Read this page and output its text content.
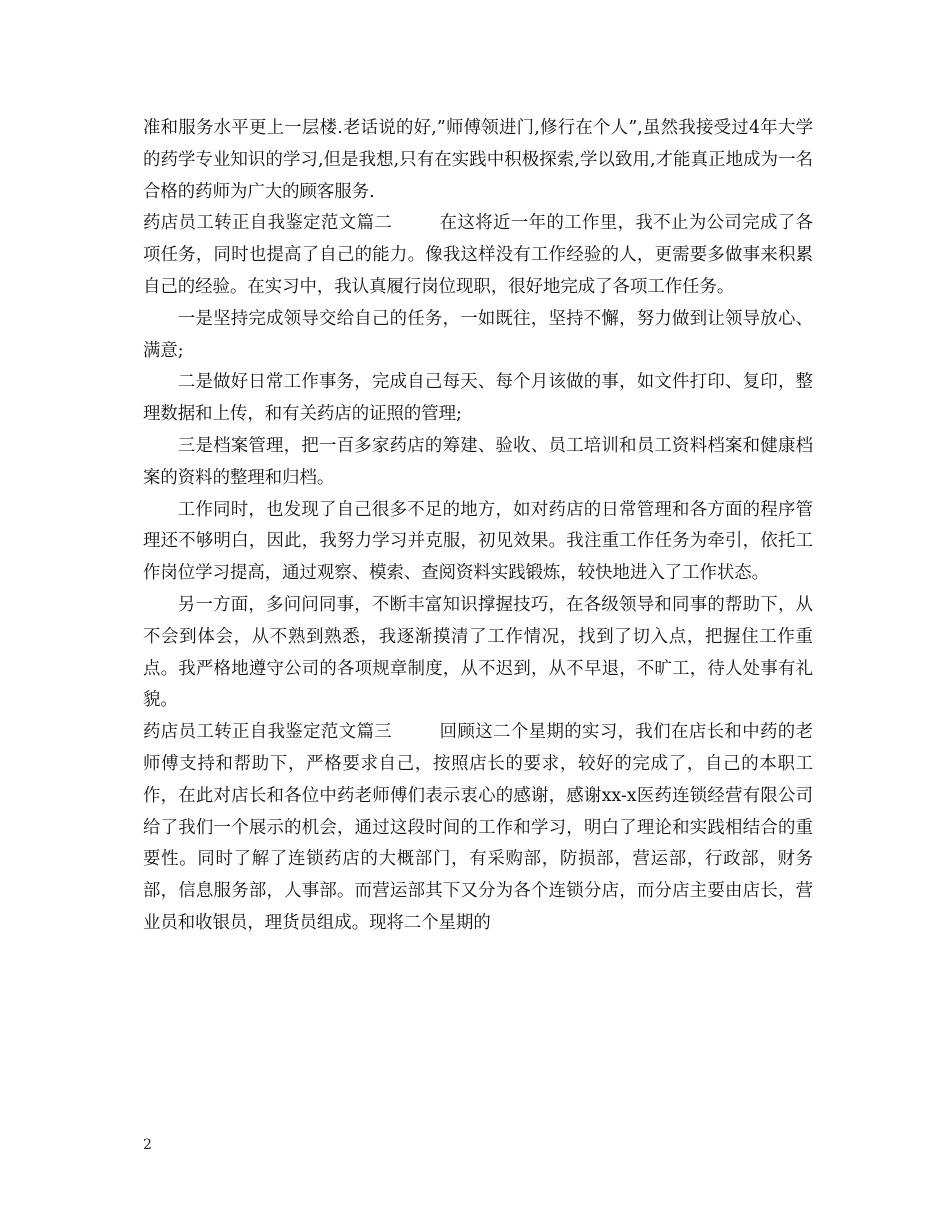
准和服务水平更上一层楼.老话说的好,”师傅领进门,修行在个人”,虽然我接受过4年大学的药学专业知识的学习,但是我想,只有在实践中积极探索,学以致用,才能真正地成为一名合格的药师为广大的顾客服务.

药店员工转正自我鉴定范文篇二	在这将近一年的工作里，我不止为公司完成了各项任务，同时也提高了自己的能力。像我这样没有工作经验的人，更需要多做事来积累自己的经验。在实习中，我认真履行岗位现职，很好地完成了各项工作任务。

一是坚持完成领导交给自己的任务，一如既往，坚持不懈，努力做到让领导放心、满意;

二是做好日常工作事务，完成自己每天、每个月该做的事，如文件打印、复印，整理数据和上传，和有关药店的证照的管理;

三是档案管理，把一百多家药店的筹建、验收、员工培训和员工资料档案和健康档案的资料的整理和归档。

工作同时，也发现了自己很多不足的地方，如对药店的日常管理和各方面的程序管理还不够明白，因此，我努力学习并克服，初见效果。我注重工作任务为牵引，依托工作岗位学习提高，通过观察、模索、查阅资料实践锻炼，较快地进入了工作状态。

另一方面，多问问同事，不断丰富知识撑握技巧，在各级领导和同事的帮助下，从不会到体会，从不熟到熟悉，我逐渐摸清了工作情况，找到了切入点，把握住工作重点。我严格地遵守公司的各项规章制度，从不迟到，从不早退，不旷工，待人处事有礼貌。

药店员工转正自我鉴定范文篇三	回顾这二个星期的实习，我们在店长和中药的老师傅支持和帮助下，严格要求自己，按照店长的要求，较好的完成了，自己的本职工作，在此对店长和各位中药老师傅们表示衷心的感谢，感谢xx-x医药连锁经营有限公司给了我们一个展示的机会，通过这段时间的工作和学习，明白了理论和实践相结合的重要性。同时了解了连锁药店的大概部门，有采购部，防损部，营运部，行政部，财务部，信息服务部，人事部。而营运部其下又分为各个连锁分店，而分店主要由店长，营业员和收银员，理货员组成。现将二个星期的

2
